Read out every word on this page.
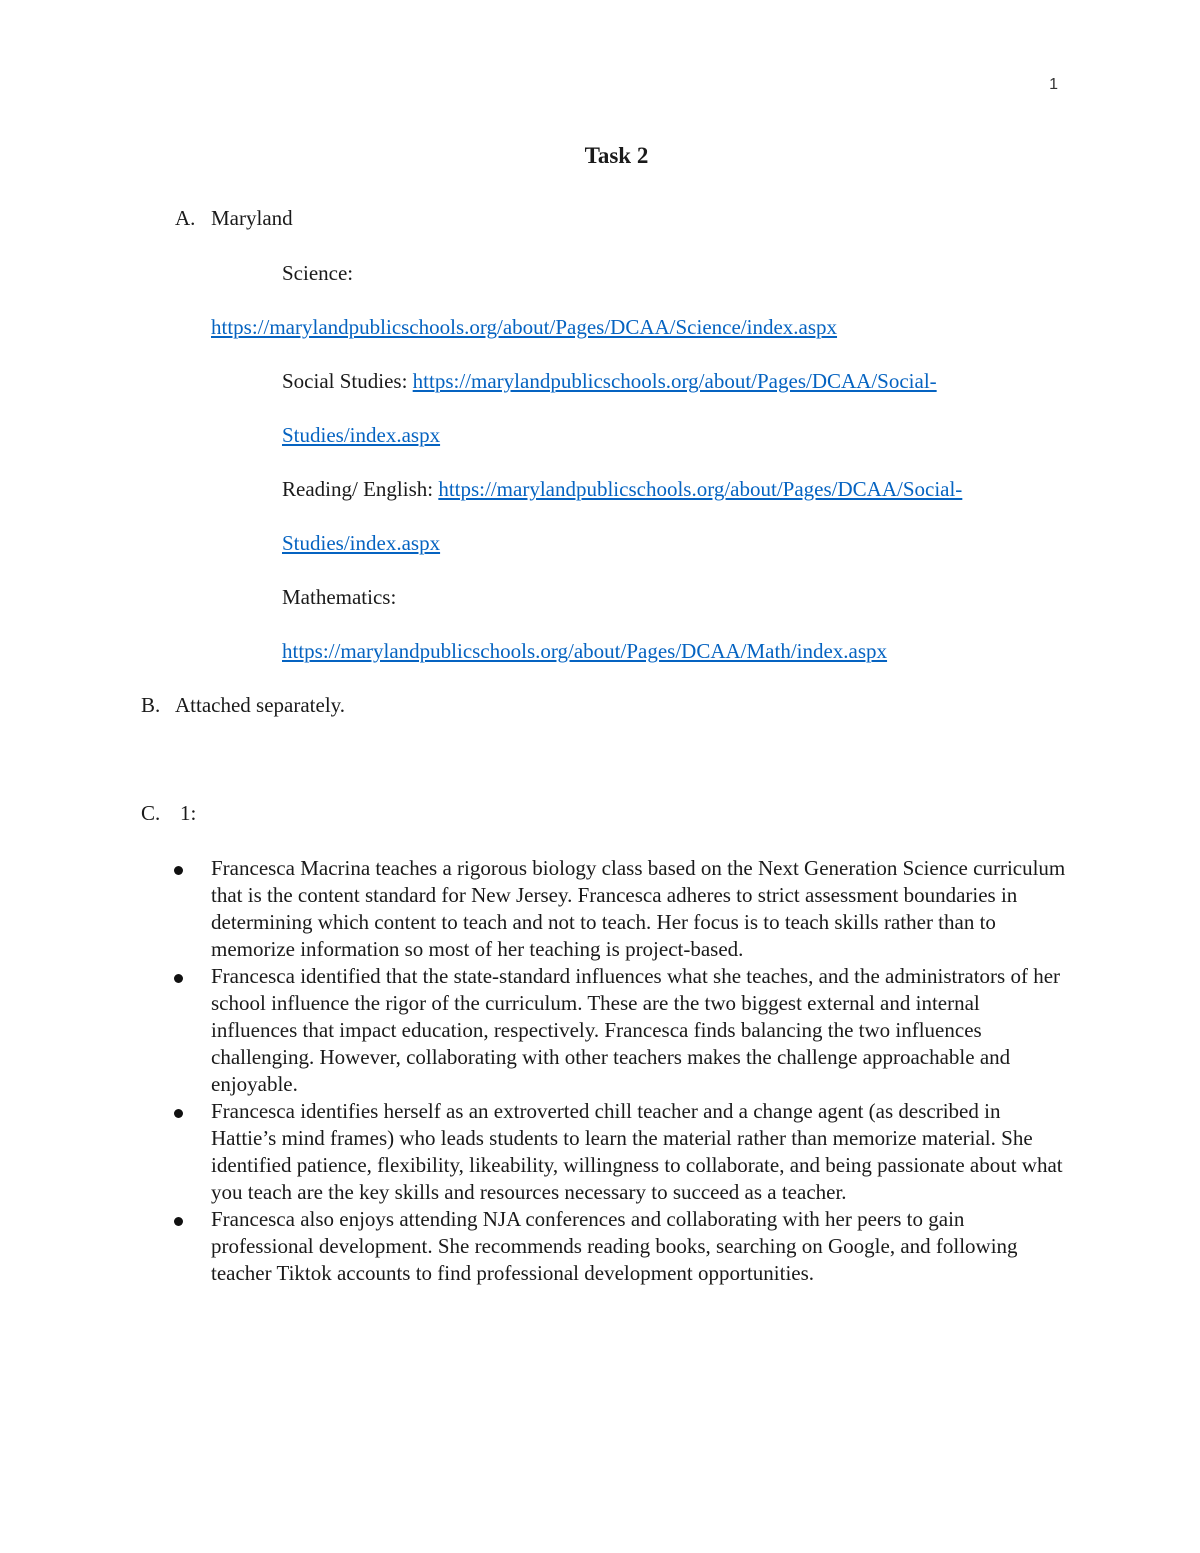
1
Task 2
A. Maryland
Science:
https://marylandpublicschools.org/about/Pages/DCAA/Science/index.aspx
Social Studies: https://marylandpublicschools.org/about/Pages/DCAA/Social-
Studies/index.aspx
Reading/ English: https://marylandpublicschools.org/about/Pages/DCAA/Social-
Studies/index.aspx
Mathematics:
https://marylandpublicschools.org/about/Pages/DCAA/Math/index.aspx
B. Attached separately.
C. 1:
Francesca Macrina teaches a rigorous biology class based on the Next Generation Science curriculum that is the content standard for New Jersey. Francesca adheres to strict assessment boundaries in determining which content to teach and not to teach. Her focus is to teach skills rather than to memorize information so most of her teaching is project-based.
Francesca identified that the state-standard influences what she teaches, and the administrators of her school influence the rigor of the curriculum. These are the two biggest external and internal influences that impact education, respectively. Francesca finds balancing the two influences challenging. However, collaborating with other teachers makes the challenge approachable and enjoyable.
Francesca identifies herself as an extroverted chill teacher and a change agent (as described in Hattie’s mind frames) who leads students to learn the material rather than memorize material. She identified patience, flexibility, likeability, willingness to collaborate, and being passionate about what you teach are the key skills and resources necessary to succeed as a teacher.
Francesca also enjoys attending NJA conferences and collaborating with her peers to gain professional development. She recommends reading books, searching on Google, and following teacher Tiktok accounts to find professional development opportunities.
